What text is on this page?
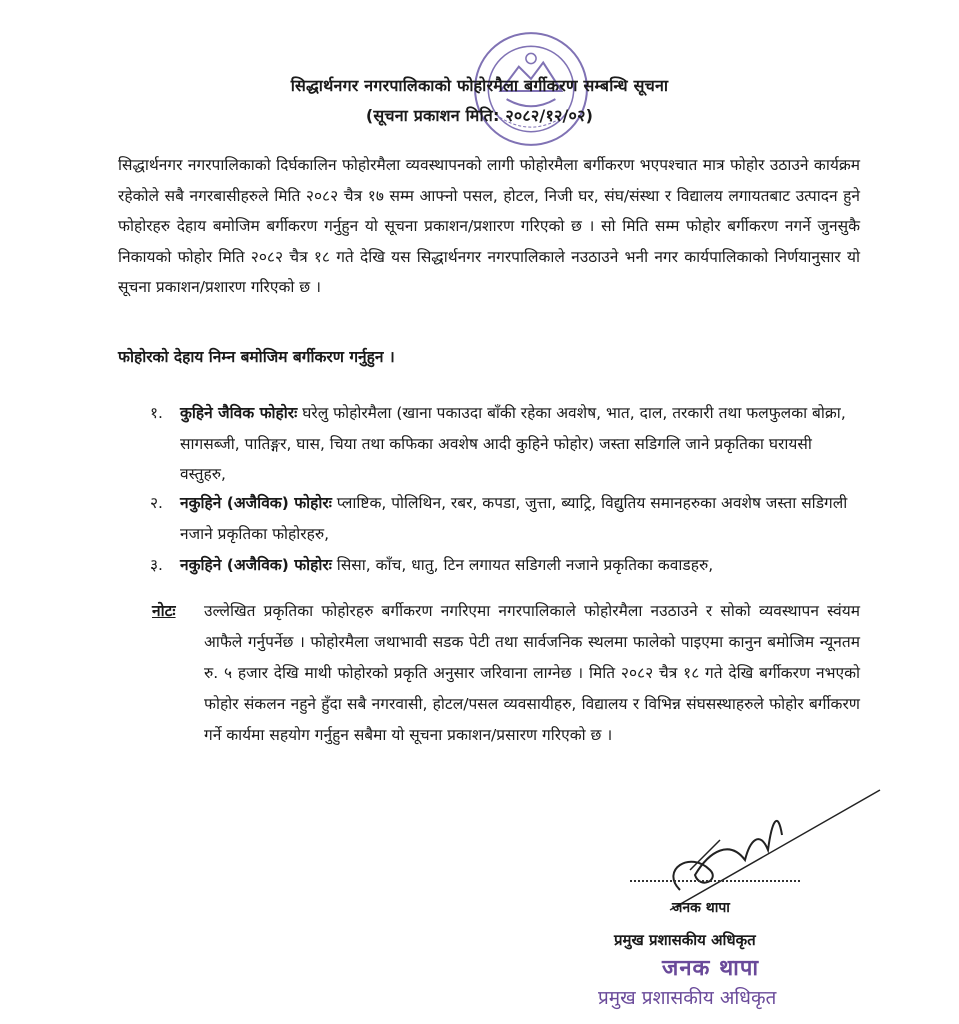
सिद्धार्थनगर नगरपालिकाको फोहोरमैला बर्गीकरण सम्बन्धि सूचना
(सूचना प्रकाशन मिति: २०८२/१२/०२)
सिद्धार्थनगर नगरपालिकाको दिर्घकालिन फोहोरमैला व्यवस्थापनको लागी फोहोरमैला बर्गीकरण भएपश्चात मात्र फोहोर उठाउने कार्यक्रम रहेकोले सबै नगरबासीहरुले मिति २०८२ चैत्र १७ सम्म आफ्नो पसल, होटल, निजी घर, संघ/संस्था र विद्यालय लगायतबाट उत्पादन हुने फोहोरहरु देहाय बमोजिम बर्गीकरण गर्नुहुन यो सूचना प्रकाशन/प्रशारण गरिएको छ । सो मिति सम्म फोहोर बर्गीकरण नगर्ने जुनसुकै निकायको फोहोर मिति २०८२ चैत्र १८ गते देखि यस सिद्धार्थनगर नगरपालिकाले नउठाउने भनी नगर कार्यपालिकाको निर्णयानुसार यो सूचना प्रकाशन/प्रशारण गरिएको छ ।
फोहोरको देहाय निम्न बमोजिम बर्गीकरण गर्नुहुन ।
१.	कुहिने जैविक फोहोरः घरेलु फोहोरमैला (खाना पकाउदा बाँकी रहेका अवशेष, भात, दाल, तरकारी तथा फलफुलका बोक्रा, सागसब्जी, पातिङ्गर, घास, चिया तथा कफिका अवशेष आदी कुहिने फोहोर) जस्ता सडिगलि जाने प्रकृतिका घरायसी वस्तुहरु,
२.	नकुहिने (अजैविक) फोहोरः प्लाष्टिक, पोलिथिन, रबर, कपडा, जुत्ता, ब्याट्रि, विद्युतिय समानहरुका अवशेष जस्ता सडिगली नजाने प्रकृतिका फोहोरहरु,
३.	नकुहिने (अजैविक) फोहोरः सिसा, काँच, धातु, टिन लगायत सडिगली नजाने प्रकृतिका कवाडहरु,
नोटः उल्लेखित प्रकृतिका फोहोरहरु बर्गीकरण नगरिएमा नगरपालिकाले फोहोरमैला नउठाउने र सोको व्यवस्थापन स्वंयम आफैले गर्नुपर्नेछ । फोहोरमैला जथाभावी सडक पेटी तथा सार्वजनिक स्थलमा फालेको पाइएमा कानुन बमोजिम न्यूनतम रु. ५ हजार देखि माथी फोहोरको प्रकृति अनुसार जरिवाना लाग्नेछ । मिति २०८२ चैत्र १८ गते देखि बर्गीकरण नभएको फोहोर संकलन नहुने हुँदा सबै नगरवासी, होटल/पसल व्यवसायीहरु, विद्यालय र विभिन्न संघसस्थाहरुले फोहोर बर्गीकरण गर्ने कार्यमा सहयोग गर्नुहुन सबैमा यो सूचना प्रकाशन/प्रसारण गरिएको छ ।
जनक थापा
प्रमुख प्रशासकीय अधिकृत
जनक थापा
प्रमुख प्रशासकीय अधिकृत
